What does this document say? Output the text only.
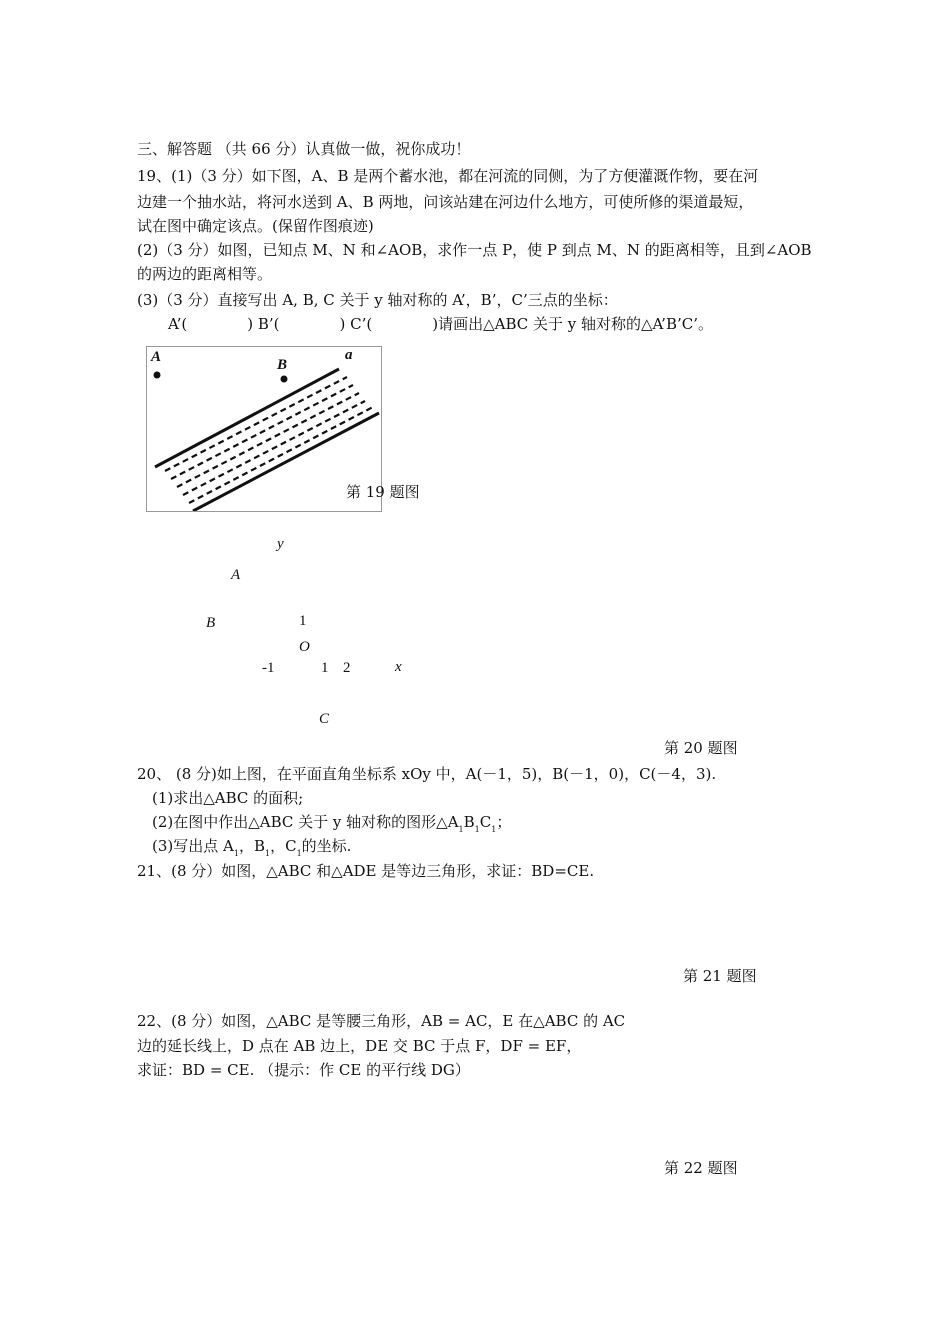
三、解答题 （共 66 分）认真做一做，祝你成功！
19、(1)（3 分）如下图，A、B 是两个蓄水池，都在河流的同侧，为了方便灌溉作物，要在河
边建一个抽水站，将河水送到 A、B 两地，问该站建在河边什么地方，可使所修的渠道最短，
试在图中确定该点。(保留作图痕迹)
(2)（3 分）如图，已知点 M、N 和∠AOB，求作一点 P，使 P 到点 M、N 的距离相等，且到∠AOB
的两边的距离相等。
(3)（3 分）直接写出 A, B, C 关于 y 轴对称的 A’，B’，C’三点的坐标：
A’(　　　　) B’(　　　　) C’(　　　　)请画出△ABC 关于 y 轴对称的△A’B’C’。
A	B
a
第 19 题图
y
A
B	1
O
-1	1 2	x
C
第 20 题图
20、 (8 分)如上图，在平面直角坐标系 xOy 中，A(－1，5)，B(－1，0)，C(－4，3).
(1)求出△ABC 的面积;
(2)在图中作出△ABC 关于 y 轴对称的图形$\triangle A_1B_1C_1$；
(3)写出点 $A_1$，$B_1$，$C_1$的坐标.
21、(8 分）如图，△ABC 和△ADE 是等边三角形，求证：BD=CE.
第 21 题图
22、(8 分）如图，△ABC 是等腰三角形，AB = AC，E 在△ABC 的 AC
边的延长线上，D 点在 AB 边上，DE 交 BC 于点 F，DF = EF，
求证：BD = CE. （提示：作 CE 的平行线 DG）
第 22 题图
